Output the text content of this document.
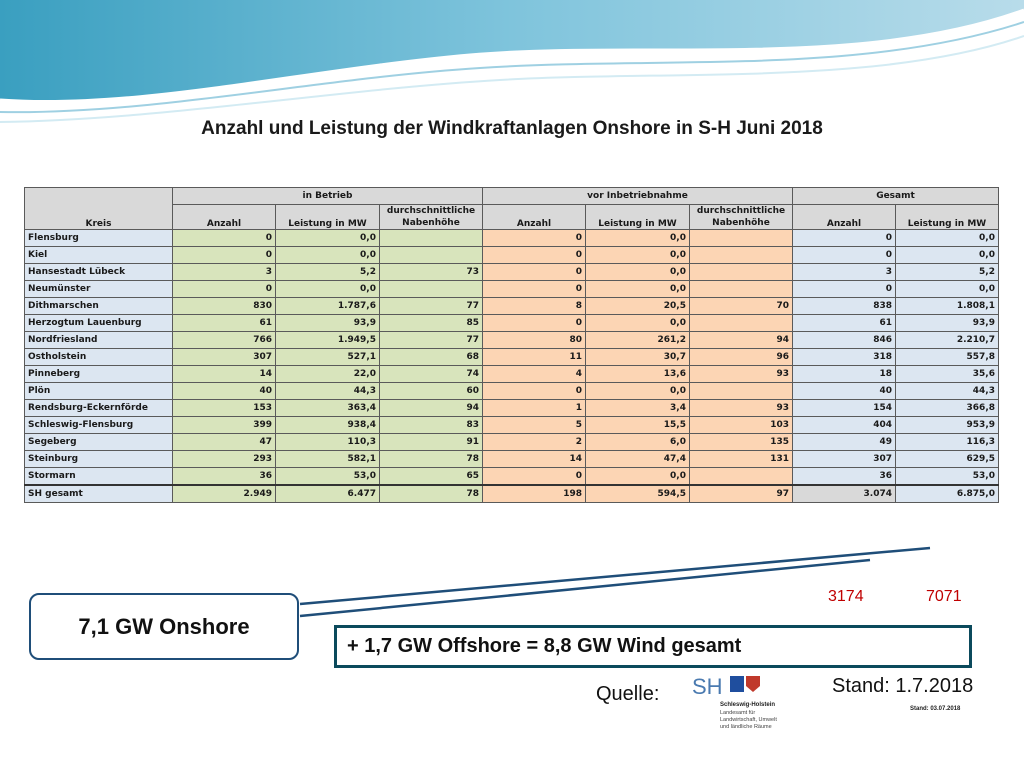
Anzahl und Leistung der Windkraftanlagen Onshore in S-H Juni 2018
Kreis	in Betrieb			vor Inbetriebnahme			Gesamt	
	Anzahl	Leistung in MW	durchschnittliche Nabenhöhe	Anzahl	Leistung in MW	durchschnittliche Nabenhöhe	Anzahl	Leistung in MW
Flensburg	0	0,0		0	0,0		0	0,0
Kiel	0	0,0		0	0,0		0	0,0
Hansestadt Lübeck	3	5,2	73	0	0,0		3	5,2
Neumünster	0	0,0		0	0,0		0	0,0
Dithmarschen	830	1.787,6	77	8	20,5	70	838	1.808,1
Herzogtum Lauenburg	61	93,9	85	0	0,0		61	93,9
Nordfriesland	766	1.949,5	77	80	261,2	94	846	2.210,7
Ostholstein	307	527,1	68	11	30,7	96	318	557,8
Pinneberg	14	22,0	74	4	13,6	93	18	35,6
Plön	40	44,3	60	0	0,0		40	44,3
Rendsburg-Eckernförde	153	363,4	94	1	3,4	93	154	366,8
Schleswig-Flensburg	399	938,4	83	5	15,5	103	404	953,9
Segeberg	47	110,3	91	2	6,0	135	49	116,3
Steinburg	293	582,1	78	14	47,4	131	307	629,5
Stormarn	36	53,0	65	0	0,0		36	53,0
SH gesamt	2.949	6.477	78	198	594,5	97	3.074	6.875,0
3174	7071
7,1 GW Onshore
+ 1,7 GW Offshore = 8,8 GW Wind gesamt
Quelle: SH
Schleswig-Holstein
Landesamt für
Landwirtschaft, Umwelt
und ländliche Räume
Stand: 03.07.2018
Stand: 1.7.2018
